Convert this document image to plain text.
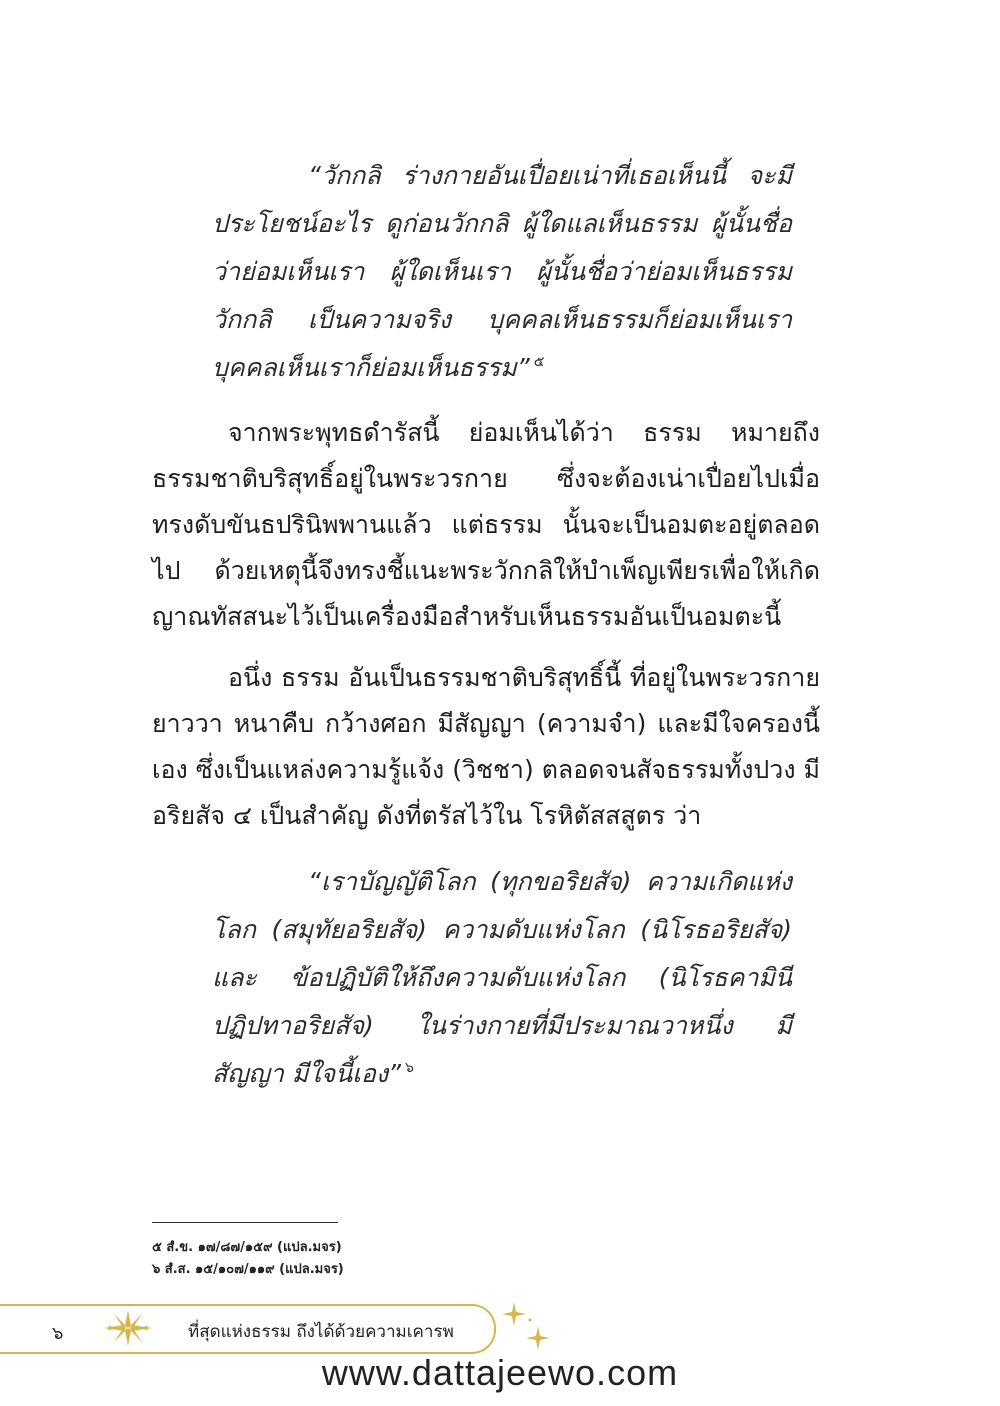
“วักกลิ ร่างกายอันเปื่อยเน่าที่เธอเห็นนี้ จะมีประโยชน์อะไร ดูก่อนวักกลิ ผู้ใดแลเห็นธรรม ผู้นั้นชื่อว่าย่อมเห็นเรา ผู้ใดเห็นเรา ผู้นั้นชื่อว่าย่อมเห็นธรรม วักกลิ เป็นความจริง บุคคลเห็นธรรมก็ย่อมเห็นเรา บุคคลเห็นเราก็ย่อมเห็นธรรม” $^๕$

จากพระพุทธดำรัสนี้ ย่อมเห็นได้ว่า ธรรม หมายถึง ธรรมชาติบริสุทธิ์อยู่ในพระวรกาย ซึ่งจะต้องเน่าเปื่อยไปเมื่อทรงดับขันธปรินิพพานแล้ว แต่ธรรม นั้นจะเป็นอมตะอยู่ตลอดไป ด้วยเหตุนี้จึงทรงชี้แนะพระวักกลิให้บำเพ็ญเพียรเพื่อให้เกิดญาณทัสสนะไว้เป็นเครื่องมือสำหรับเห็นธรรมอันเป็นอมตะนี้

อนึ่ง ธรรม อันเป็นธรรมชาติบริสุทธิ์นี้ ที่อยู่ในพระวรกาย ยาววา หนาคืบ กว้างศอก มีสัญญา (ความจำ) และมีใจครองนี้เอง ซึ่งเป็นแหล่งความรู้แจ้ง (วิชชา) ตลอดจนสัจธรรมทั้งปวง มีอริยสัจ ๔ เป็นสำคัญ ดังที่ตรัสไว้ใน โรหิตัสสสูตร ว่า

“เราบัญญัติโลก (ทุกขอริยสัจ) ความเกิดแห่งโลก (สมุทัยอริยสัจ) ความดับแห่งโลก (นิโรธอริยสัจ) และ ข้อปฏิบัติให้ถึงความดับแห่งโลก (นิโรธคามินีปฏิปทาอริยสัจ) ในร่างกายที่มีประมาณวาหนึ่ง มีสัญญา มีใจนี้เอง” $^๖$

๕ สํ.ข. ๑๗/๘๗/๑๕๙ (แปล.มจร)
๖ สํ.ส. ๑๕/๑๐๗/๑๑๙ (แปล.มจร)
๖	ที่สุดแห่งธรรม ถึงได้ด้วยความเคารพ
www.dattajeewo.com
